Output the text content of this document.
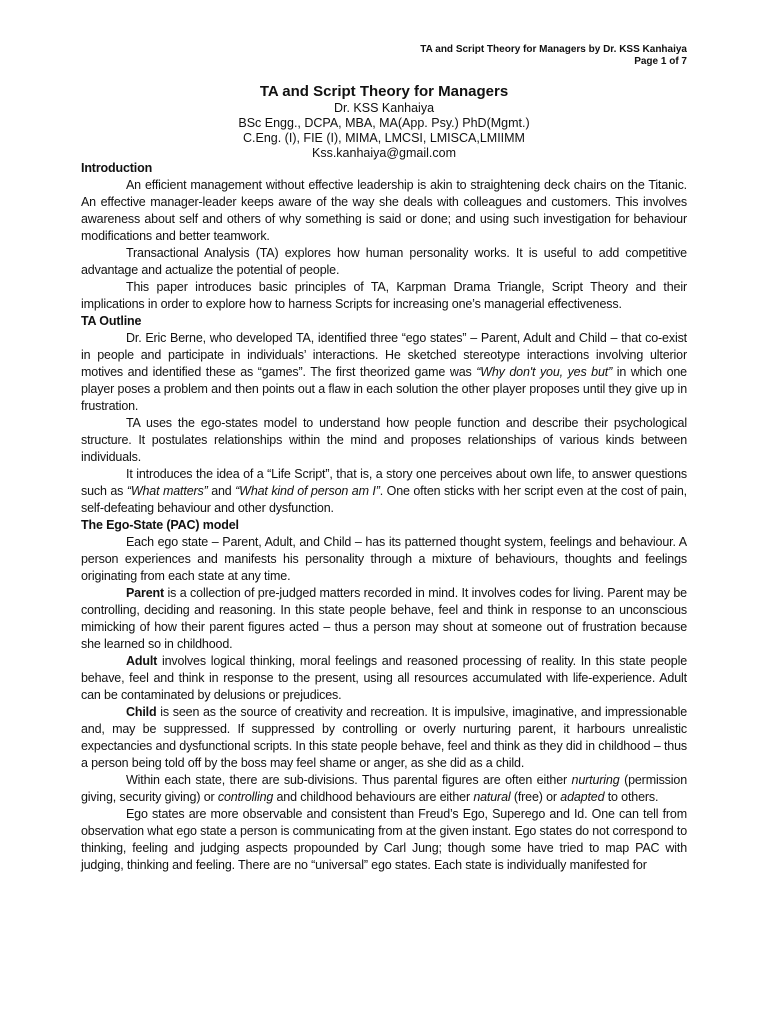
TA and Script Theory for Managers by Dr. KSS Kanhaiya
Page 1 of 7
TA and Script Theory for Managers
Dr. KSS Kanhaiya
BSc Engg., DCPA, MBA, MA(App. Psy.) PhD(Mgmt.)
C.Eng. (I), FIE (I), MIMA, LMCSI, LMISCA,LMIIMM
Kss.kanhaiya@gmail.com
Introduction

An efficient management without effective leadership is akin to straightening deck chairs on the Titanic. An effective manager-leader keeps aware of the way she deals with colleagues and customers. This involves awareness about self and others of why something is said or done; and using such investigation for behaviour modifications and better teamwork.

Transactional Analysis (TA) explores how human personality works. It is useful to add competitive advantage and actualize the potential of people.

This paper introduces basic principles of TA, Karpman Drama Triangle, Script Theory and their implications in order to explore how to harness Scripts for increasing one’s managerial effectiveness.

TA Outline

Dr. Eric Berne, who developed TA, identified three “ego states” – Parent, Adult and Child – that co-exist in people and participate in individuals’ interactions. He sketched stereotype interactions involving ulterior motives and identified these as “games”. The first theorized game was “Why don't you, yes but” in which one player poses a problem and then points out a flaw in each solution the other player proposes until they give up in frustration.

TA uses the ego-states model to understand how people function and describe their psychological structure. It postulates relationships within the mind and proposes relationships of various kinds between individuals.

It introduces the idea of a “Life Script”, that is, a story one perceives about own life, to answer questions such as “What matters” and “What kind of person am I”. One often sticks with her script even at the cost of pain, self-defeating behaviour and other dysfunction.

The Ego-State (PAC) model

Each ego state – Parent, Adult, and Child – has its patterned thought system, feelings and behaviour. A person experiences and manifests his personality through a mixture of behaviours, thoughts and feelings originating from each state at any time.

Parent is a collection of pre-judged matters recorded in mind. It involves codes for living. Parent may be controlling, deciding and reasoning. In this state people behave, feel and think in response to an unconscious mimicking of how their parent figures acted – thus a person may shout at someone out of frustration because she learned so in childhood.

Adult involves logical thinking, moral feelings and reasoned processing of reality. In this state people behave, feel and think in response to the present, using all resources accumulated with life-experience. Adult can be contaminated by delusions or prejudices.

Child is seen as the source of creativity and recreation. It is impulsive, imaginative, and impressionable and, may be suppressed. If suppressed by controlling or overly nurturing parent, it harbours unrealistic expectancies and dysfunctional scripts. In this state people behave, feel and think as they did in childhood – thus a person being told off by the boss may feel shame or anger, as she did as a child.

Within each state, there are sub-divisions. Thus parental figures are often either nurturing (permission giving, security giving) or controlling and childhood behaviours are either natural (free) or adapted to others.

Ego states are more observable and consistent than Freud’s Ego, Superego and Id. One can tell from observation what ego state a person is communicating from at the given instant. Ego states do not correspond to thinking, feeling and judging aspects propounded by Carl Jung; though some have tried to map PAC with judging, thinking and feeling. There are no “universal” ego states. Each state is individually manifested for
